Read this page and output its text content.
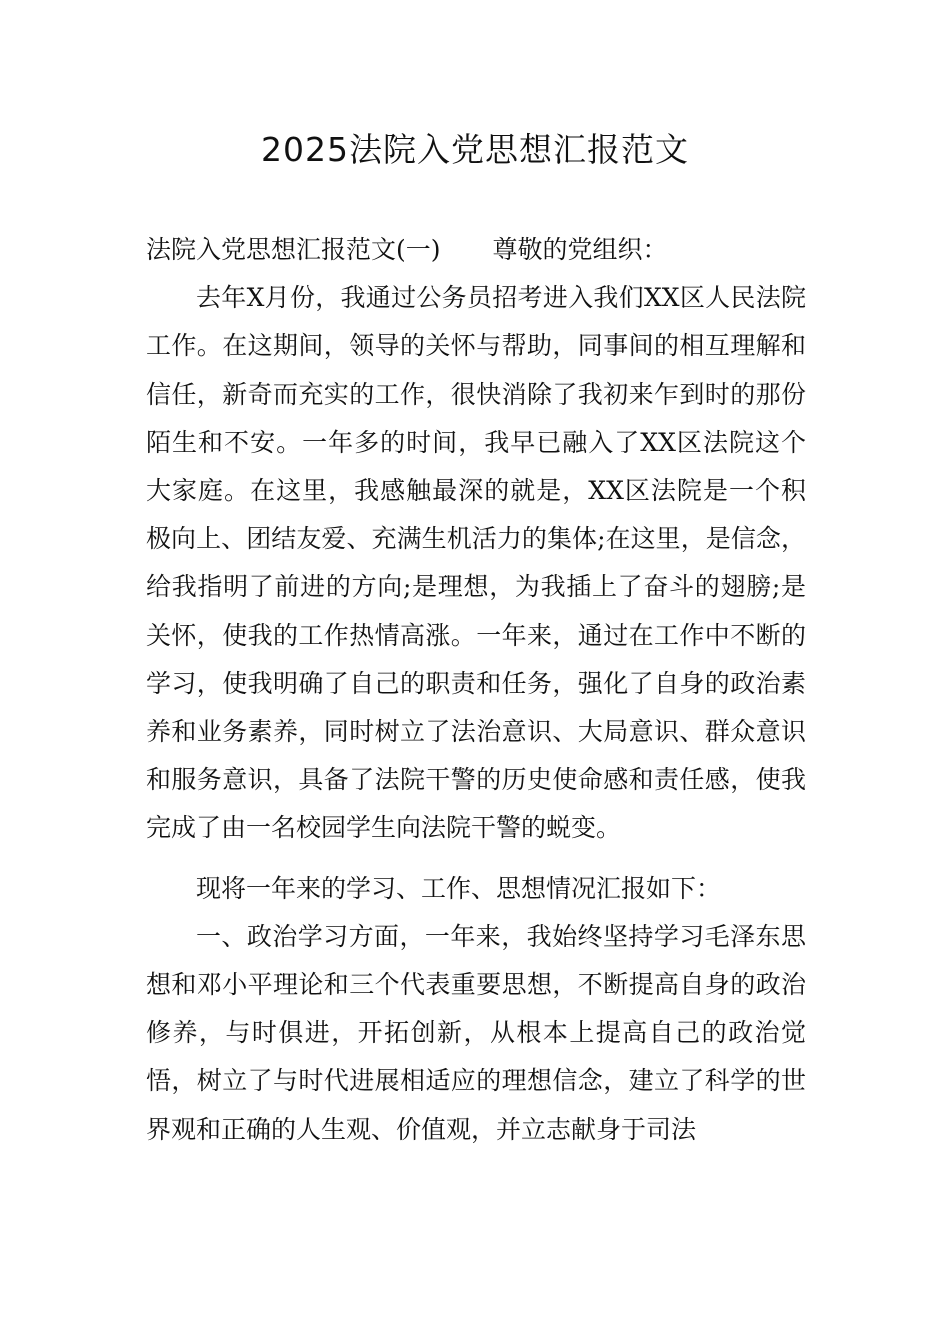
2025法院入党思想汇报范文

法院入党思想汇报范文(一) 尊敬的党组织：

去年X月份，我通过公务员招考进入我们XX区人民法院工作。在这期间，领导的关怀与帮助，同事间的相互理解和信任，新奇而充实的工作，很快消除了我初来乍到时的那份陌生和不安。一年多的时间，我早已融入了XX区法院这个大家庭。在这里，我感触最深的就是，XX区法院是一个积极向上、团结友爱、充满生机活力的集体;在这里，是信念，给我指明了前进的方向;是理想，为我插上了奋斗的翅膀;是关怀，使我的工作热情高涨。一年来，通过在工作中不断的学习，使我明确了自己的职责和任务，强化了自身的政治素养和业务素养，同时树立了法治意识、大局意识、群众意识和服务意识，具备了法院干警的历史使命感和责任感，使我完成了由一名校园学生向法院干警的蜕变。

现将一年来的学习、工作、思想情况汇报如下：

一、政治学习方面，一年来，我始终坚持学习毛泽东思想和邓小平理论和三个代表重要思想，不断提高自身的政治修养，与时俱进，开拓创新，从根本上提高自己的政治觉悟，树立了与时代进展相适应的理想信念，建立了科学的世界观和正确的人生观、价值观，并立志献身于司法
